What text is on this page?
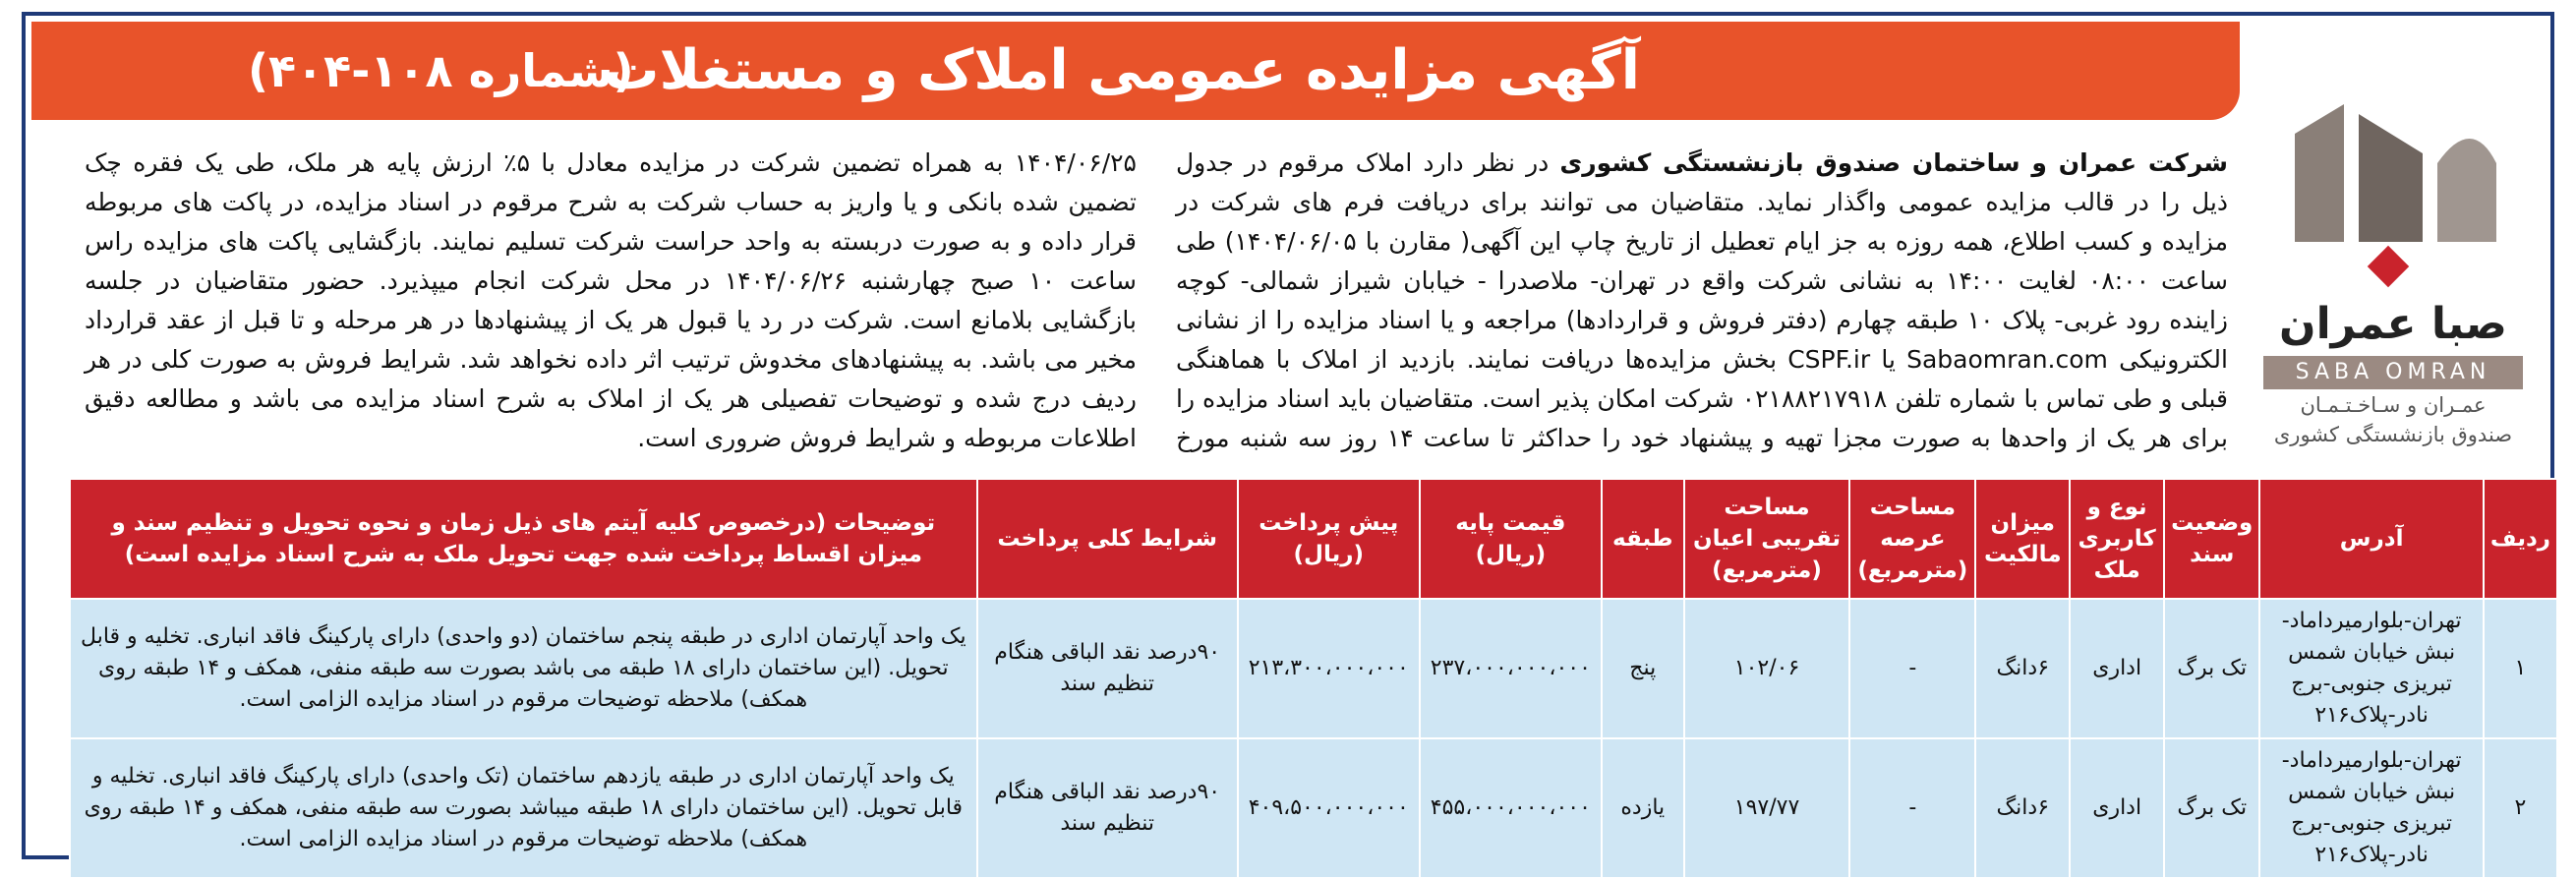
آگهی مزایده عمومی املاک و مستغلات
(شماره ۱۰۸-۴۰۴)
صبا عمران
SABA OMRAN
عمـران و سـاخـتـمـان
صندوق بازنشستگی کشوری
شرکت عمران و ساختمان صندوق بازنشستگی کشوری در نظر دارد املاک مرقوم در جدول ذیل را در قالب مزایده عمومی واگذار نماید. متقاضیان می توانند برای دریافت فرم های شرکت در مزایده و کسب اطلاع، همه روزه به جز ایام تعطیل از تاریخ چاپ این آگهی( مقارن با ۱۴۰۴/۰۶/۰۵) طی ساعت ۰۸:۰۰ لغایت ۱۴:۰۰ به نشانی شرکت واقع در تهران- ملاصدرا - خیابان شیراز شمالی- کوچه زاینده رود غربی- پلاک ۱۰ طبقه چهارم (دفتر فروش و قراردادها) مراجعه و یا اسناد مزایده را از نشانی الکترونیکی Sabaomran.com یا CSPF.ir بخش مزایده‌ها دریافت نمایند. بازدید از املاک با هماهنگی قبلی و طی تماس با شماره تلفن ۰۲۱۸۸۲۱۷۹۱۸ شرکت امکان پذیر است. متقاضیان باید اسناد مزایده را برای هر یک از واحدها به صورت مجزا تهیه و پیشنهاد خود را حداکثر تا ساعت ۱۴ روز سه شنبه مورخ ۱۴۰۴/۰۶/۲۵ به همراه تضمین شرکت در مزایده معادل با ۵٪ ارزش پایه هر ملک، طی یک فقره چک تضمین شده بانکی و یا واریز به حساب شرکت به شرح مرقوم در اسناد مزایده، در پاکت های مربوطه قرار داده و به صورت دربسته به واحد حراست شرکت تسلیم نمایند. بازگشایی پاکت های مزایده راس ساعت ۱۰ صبح چهارشنبه ۱۴۰۴/۰۶/۲۶ در محل شرکت انجام میپذیرد. حضور متقاضیان در جلسه بازگشایی بلامانع است. شرکت در رد یا قبول هر یک از پیشنهادها در هر مرحله و تا قبل از عقد قرارداد مخیر می باشد. به پیشنهادهای مخدوش ترتیب اثر داده نخواهد شد. شرایط فروش به صورت کلی در هر ردیف درج شده و توضیحات تفصیلی هر یک از املاک به شرح اسناد مزایده می باشد و مطالعه دقیق اطلاعات مربوطه و شرایط فروش ضروری است.
ردیف	آدرس	وضعیت سند	نوع و کاربری ملک	میزان مالکیت	مساحت عرصه (مترمربع)	مساحت تقریبی اعیان (مترمربع)	طبقه	قیمت پایه (ریال)	پیش پرداخت (ریال)	شرایط کلی پرداخت	توضیحات (درخصوص کلیه آیتم های ذیل زمان و نحوه تحویل و تنظیم سند و میزان اقساط پرداخت شده جهت تحویل ملک به شرح اسناد مزایده است)
۱	تهران-بلوارمیرداماد-نبش خیابان شمس تبریزی جنوبی-برج نادر-پلاک۲۱۶	تک برگ	اداری	۶دانگ	-	۱۰۲/۰۶	پنج	۲۳۷،۰۰۰،۰۰۰،۰۰۰	۲۱۳،۳۰۰،۰۰۰،۰۰۰	۹۰درصد نقد الباقی هنگام تنظیم سند	یک واحد آپارتمان اداری در طبقه پنجم ساختمان (دو واحدی) دارای پارکینگ فاقد انباری. تخلیه و قابل تحویل. (این ساختمان دارای ۱۸ طبقه می باشد بصورت سه طبقه منفی، همکف و ۱۴ طبقه روی همکف) ملاحظه توضیحات مرقوم در اسناد مزایده الزامی است.
۲	تهران-بلوارمیرداماد-نبش خیابان شمس تبریزی جنوبی-برج نادر-پلاک۲۱۶	تک برگ	اداری	۶دانگ	-	۱۹۷/۷۷	یازده	۴۵۵،۰۰۰،۰۰۰،۰۰۰	۴۰۹،۵۰۰،۰۰۰،۰۰۰	۹۰درصد نقد الباقی هنگام تنظیم سند	یک واحد آپارتمان اداری در طبقه یازدهم ساختمان (تک واحدی) دارای پارکینگ فاقد انباری. تخلیه و قابل تحویل. (این ساختمان دارای ۱۸ طبقه میباشد بصورت سه طبقه منفی، همکف و ۱۴ طبقه روی همکف) ملاحظه توضیحات مرقوم در اسناد مزایده الزامی است.
